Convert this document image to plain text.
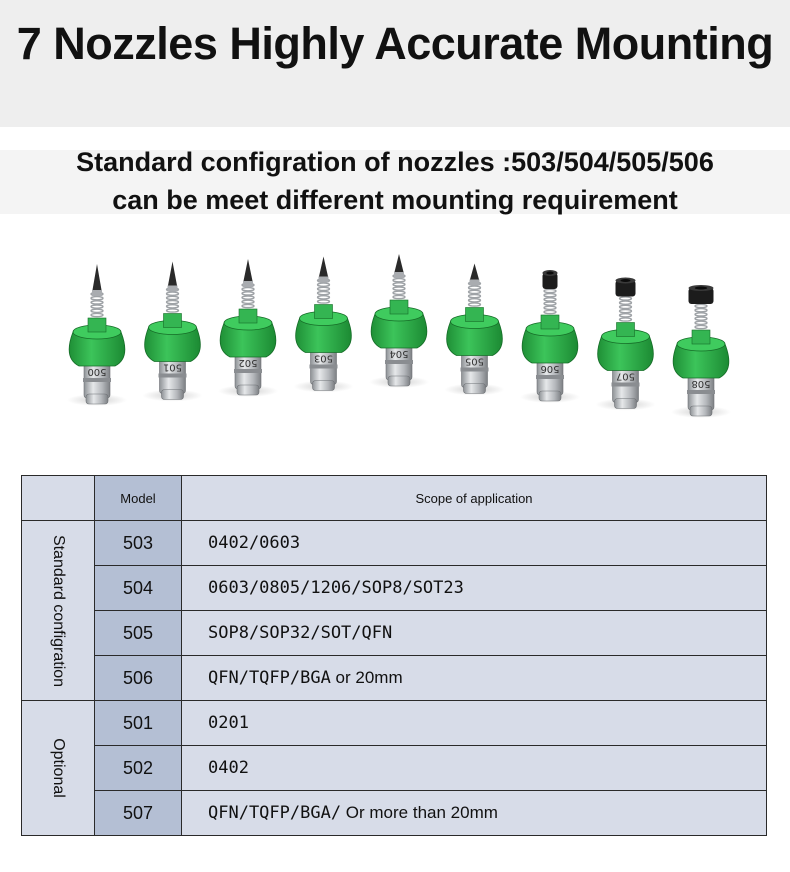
7 Nozzles Highly Accurate Mounting
Standard configration of nozzles :503/504/505/506
can be meet different mounting requirement
500	501	502	503	504
505
506
507
508
	Model	Scope of application

Standard configration	503	0402/0603
	504	0603/0805/1206/SOP8/SOT23
	505	SOP8/SOP32/SOT/QFN
	506	QFN/TQFP/BGA or 20mm

Optional	501	0201
	502	0402
	507	QFN/TQFP/BGA/ Or more than 20mm
